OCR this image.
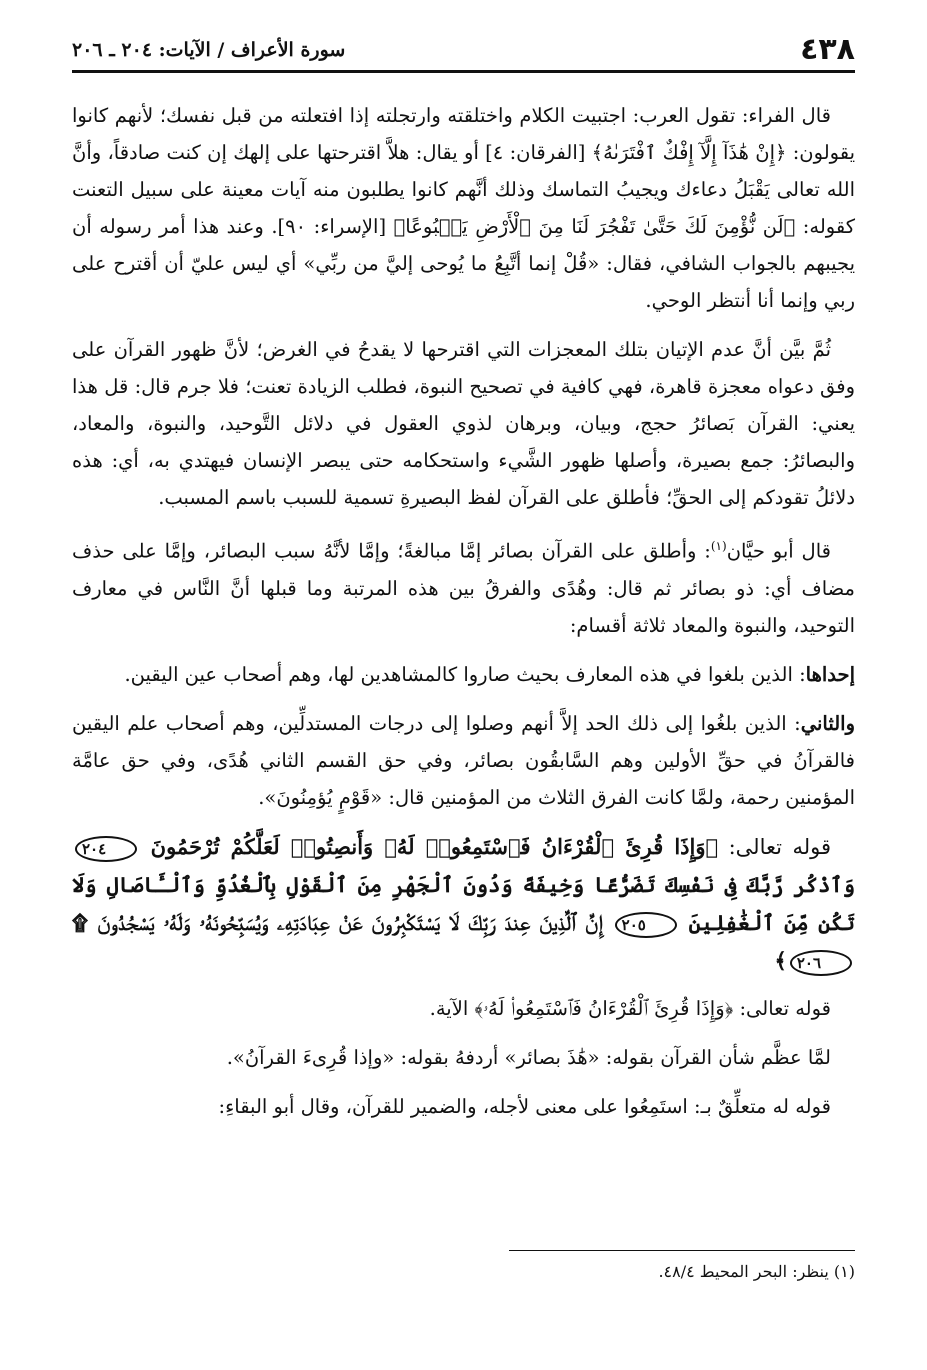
٤٣٨
سورة الأعراف / الآيات: ٢٠٤ ـ ٢٠٦

قال الفراء: تقول العرب: اجتبيت الكلام واختلقته وارتجلته إذا افتعلته من قبل نفسك؛ لأنهم كانوا يقولون: ﴿إِنْ هَٰذَآ إِلَّآ إِفْكٌ ٱفْتَرَىٰهُ﴾ [الفرقان: ٤] أو يقال: هلاَّ اقترحتها على إلهك إن كنت صادقاً، وأنَّ الله تعالى يَقْبَلُ دعاءك ويجيبُ التماسك وذلك أنَّهم كانوا يطلبون منه آيات معينة على سبيل التعنت كقوله: ﴿لَن نُّؤْمِنَ لَكَ حَتَّىٰ تَفْجُرَ لَنَا مِنَ ٱلْأَرْضِ يَنۢبُوعًا﴾ [الإسراء: ٩٠]. وعند هذا أمر رسوله أن يجيبهم بالجواب الشافي، فقال: «قُلْ إنما أتَّبِعُ ما يُوحى إليَّ من ربِّي» أي ليس عليّ أن أقترح على ربي وإنما أنا أنتظر الوحي.

ثُمَّ بيَّن أنَّ عدم الإتيان بتلك المعجزات التي اقترحها لا يقدحُ في الغرض؛ لأنَّ ظهور القرآن على وفق دعواه معجزة قاهرة، فهي كافية في تصحيح النبوة، فطلب الزيادة تعنت؛ فلا جرم قال: قل هذا يعني: القرآن بَصائرُ حجج، وبيان، وبرهان لذوي العقول في دلائل التَّوحيد، والنبوة، والمعاد، والبصائرُ: جمع بصيرة، وأصلها ظهور الشَّيء واستحكامه حتى يبصر الإنسان فيهتدي به، أي: هذه دلائلُ تقودكم إلى الحقِّ؛ فأطلق على القرآن لفظ البصيرةِ تسمية للسبب باسم المسبب.

قال أبو حيَّان$^{(١)}$: وأطلق على القرآن بصائر إمَّا مبالغةً؛ وإمَّا لأنَّهُ سبب البصائر، وإمَّا على حذف مضاف أي: ذو بصائر ثم قال: وهُدًى والفرقُ بين هذه المرتبة وما قبلها أنَّ النَّاس في معارف التوحيد، والنبوة والمعاد ثلاثة أقسام:

إحداها: الذين بلغوا في هذه المعارف بحيث صاروا كالمشاهدين لها، وهم أصحاب عين اليقين.

والثاني: الذين بلغُوا إلى ذلك الحد إلاَّ أنهم وصلوا إلى درجات المستدلِّين، وهم أصحاب علم اليقين فالقرآنُ في حقِّ الأولين وهم السَّابقُون بصائر، وفي حق القسم الثاني هُدًى، وفي حق عامَّة المؤمنين رحمة، ولمَّا كانت الفرق الثلاث من المؤمنين قال: «قَوْمٍ يُؤمِنُونَ».

قوله تعالى: ﴿وَإِذَا قُرِئَ ٱلْقُرْءَانُ فَٱسْتَمِعُوا۟ لَهُۥ وَأَنصِتُوا۟ لَعَلَّكُمْ تُرْحَمُونَ ٢٠٤ وَٱذْكُر رَّبَّكَ فِى نَفْسِكَ تَضَرُّعًا وَخِيفَةً وَدُونَ ٱلْجَهْرِ مِنَ ٱلْقَوْلِ بِٱلْغُدُوِّ وَٱلْـَٔاصَالِ وَلَا تَكُن مِّنَ ٱلْغَٰفِلِينَ ٢٠٥ إِنَّ ٱلَّذِينَ عِندَ رَبِّكَ لَا يَسْتَكْبِرُونَ عَنْ عِبَادَتِهِۦ وَيُسَبِّحُونَهُۥ وَلَهُۥ يَسْجُدُونَ ۩ ٢٠٦﴾

قوله تعالى: ﴿وَإِذَا قُرِئَ ٱلْقُرْءَانُ فَٱسْتَمِعُوا۟ لَهُۥ﴾ الآية.

لمَّا عظَّم شأن القرآن بقوله: «هَٰذَ بصائر» أردفهُ بقوله: «وإذا قُرِىءَ القرآنُ».

قوله له متعلِّقٌ بـ: استَمِعُوا على معنى لأجله، والضمير للقرآن، وقال أبو البقاءِ:

(١) ينظر: البحر المحيط ٤٨/٤.
